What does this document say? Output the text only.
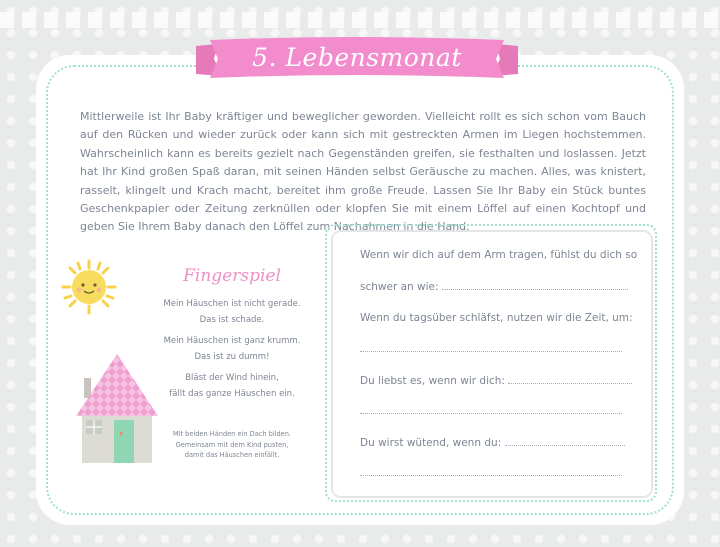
5. Lebensmonat
Mittlerweile ist Ihr Baby kräftiger und beweglicher geworden. Vielleicht rollt es sich schon vom Bauch auf den Rücken und wieder zurück oder kann sich mit gestreckten Armen im Liegen hochstemmen. Wahrscheinlich kann es bereits gezielt nach Gegenständen greifen, sie festhalten und loslassen. Jetzt hat Ihr Kind großen Spaß daran, mit seinen Händen selbst Geräusche zu machen. Alles, was knistert, rasselt, klingelt und Krach macht, bereitet ihm große Freude. Lassen Sie Ihr Baby ein Stück buntes Geschenkpapier oder Zeitung zerknüllen oder klopfen Sie mit einem Löffel auf einen Kochtopf und geben Sie Ihrem Baby danach den Löffel zum Nachahmen in die Hand.
Fingerspiel
Mein Häuschen ist nicht gerade.
Das ist schade.
Mein Häuschen ist ganz krumm.
Das ist zu dumm!
Bläst der Wind hinein,
fällt das ganze Häuschen ein.
Mit beiden Händen ein Dach bilden.
Gemeinsam mit dem Kind pusten,
damit das Häuschen einfällt.
Wenn wir dich auf dem Arm tragen, fühlst du dich so
schwer an wie:
Wenn du tagsüber schläfst, nutzen wir die Zeit, um:
Du liebst es, wenn wir dich:
Du wirst wütend, wenn du:
